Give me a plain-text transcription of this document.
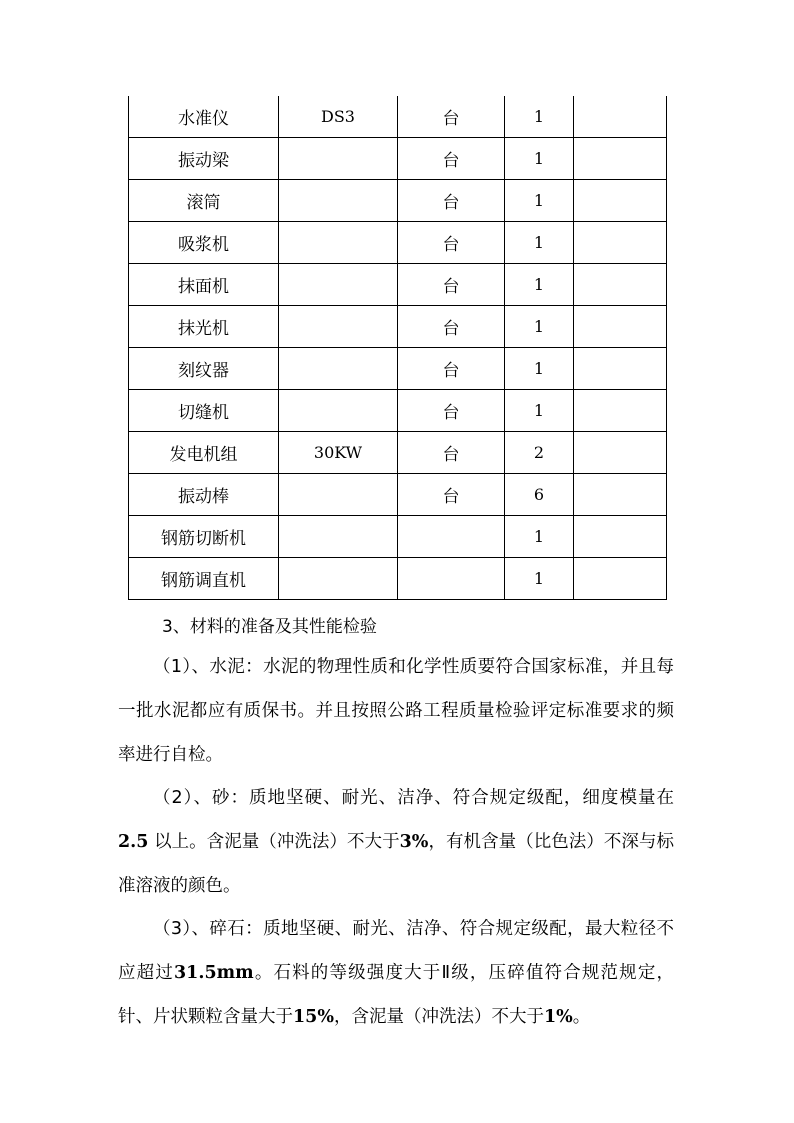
水准仪	DS3	台	1	
振动梁		台	1	
滚筒		台	1	
吸浆机		台	1	
抹面机		台	1	
抹光机		台	1	
刻纹器		台	1	
切缝机		台	1	
发电机组	30KW	台	2	
振动棒		台	6	
钢筋切断机			1	
钢筋调直机			1	
3、材料的准备及其性能检验

（1）、水泥：水泥的物理性质和化学性质要符合国家标准，并且每一批水泥都应有质保书。并且按照公路工程质量检验评定标准要求的频率进行自检。

（2）、砂：质地坚硬、耐光、洁净、符合规定级配，细度模量在2.5 以上。含泥量（冲洗法）不大于3%，有机含量（比色法）不深与标准溶液的颜色。

（3）、碎石：质地坚硬、耐光、洁净、符合规定级配，最大粒径不应超过31.5mm。石料的等级强度大于Ⅱ级，压碎值符合规范规定，针、片状颗粒含量大于15%，含泥量（冲洗法）不大于1%。
